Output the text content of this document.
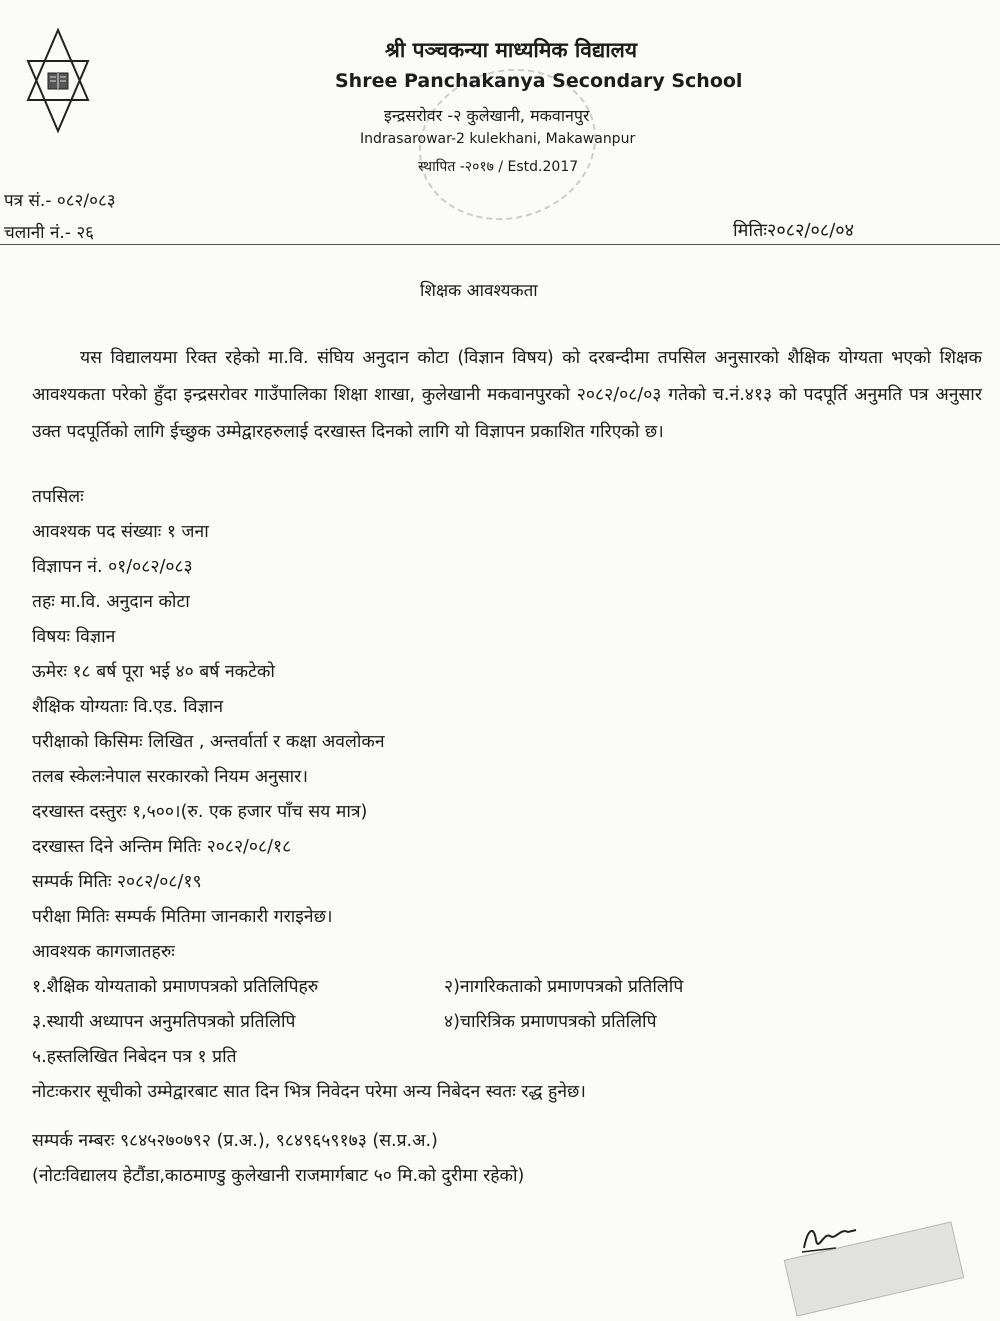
श्री पञ्चकन्या माध्यमिक विद्यालय
Shree Panchakanya Secondary School
इन्द्रसरोवर -२ कुलेखानी, मकवानपुर
Indrasarowar-2 kulekhani, Makawanpur
स्थापित -२०१७ / Estd.2017
पत्र सं.- ०८२/०८३
चलानी नं.- २६	मितिः२०८२/०८/०४
शिक्षक आवश्यकता

यस विद्यालयमा रिक्त रहेको मा.वि. संघिय अनुदान कोटा (विज्ञान विषय) को दरबन्दीमा तपसिल अनुसारको शैक्षिक योग्यता भएको शिक्षक आवश्यकता परेको हुँदा इन्द्रसरोवर गाउँपालिका शिक्षा शाखा, कुलेखानी मकवानपुरको २०८२/०८/०३ गतेको च.नं.४१३ को पदपूर्ति अनुमति पत्र अनुसार उक्त पदपूर्तिको लागि ईच्छुक उम्मेद्वारहरुलाई दरखास्त दिनको लागि यो विज्ञापन प्रकाशित गरिएको छ।

तपसिलः
आवश्यक पद संख्याः १ जना
विज्ञापन नं. ०१/०८२/०८३
तहः मा.वि. अनुदान कोटा
विषयः विज्ञान
ऊमेरः १८ बर्ष पूरा भई ४० बर्ष नकटेको
शैक्षिक योग्यताः वि.एड. विज्ञान
परीक्षाको किसिमः लिखित , अन्तर्वार्ता र कक्षा अवलोकन
तलब स्केलःनेपाल सरकारको नियम अनुसार।
दरखास्त दस्तुरः १,५००।(रु. एक हजार पाँच सय मात्र)
दरखास्त दिने अन्तिम मितिः २०८२/०८/१८
सम्पर्क मितिः २०८२/०८/१९
परीक्षा मितिः सम्पर्क मितिमा जानकारी गराइनेछ।
आवश्यक कागजातहरुः
१.शैक्षिक योग्यताको प्रमाणपत्रको प्रतिलिपिहरु	२)नागरिकताको प्रमाणपत्रको प्रतिलिपि
३.स्थायी अध्यापन अनुमतिपत्रको प्रतिलिपि	४)चारित्रिक प्रमाणपत्रको प्रतिलिपि
५.हस्तलिखित निबेदन पत्र १ प्रति
नोटःकरार सूचीको उम्मेद्वारबाट सात दिन भित्र निवेदन परेमा अन्य निबेदन स्वतः रद्ध हुनेछ।
सम्पर्क नम्बरः ९८४५२७०७९२ (प्र.अ.), ९८४९६५९१७३ (स.प्र.अ.)
(नोटःविद्यालय हेटौंडा,काठमाण्डु कुलेखानी राजमार्गबाट ५० मि.को दुरीमा रहेको)
